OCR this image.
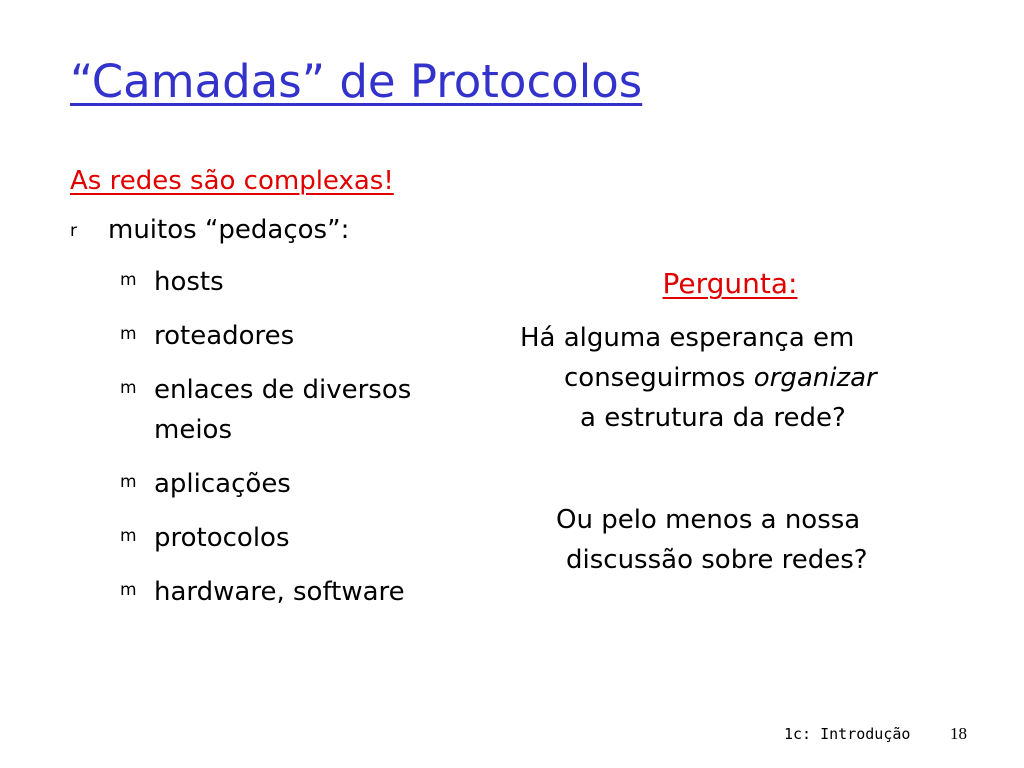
“Camadas” de Protocolos
As redes são complexas!
r muitos “pedaços”:
m hosts
m roteadores
m enlaces de diversos
meios
m aplicações
m protocolos
m hardware, software
Pergunta:
Há alguma esperança em
conseguirmos organizar
a estrutura da rede?
Ou pelo menos a nossa
discussão sobre redes?
1c: Introdução 18
